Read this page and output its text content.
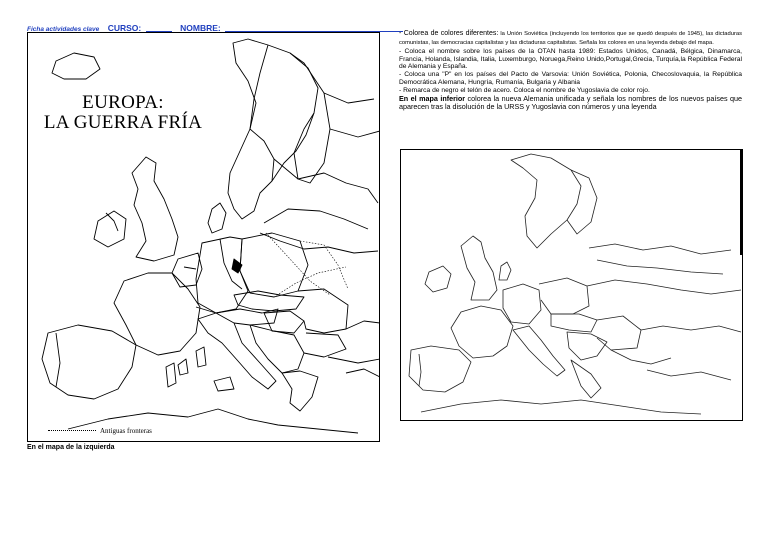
Ficha actividades clave CURSO:	NOMBRE:
EUROPA:
LA GUERRA FRÍA
Antiguas fronteras
En el mapa de la izquierda

- Colorea de colores diferentes: la Unión Soviética (incluyendo los territorios que se quedó después de 1945), las dictaduras comunistas, las democracias capitalistas y las dictaduras capitalistas. Señala los colores en una leyenda debajo del mapa.

- Coloca el nombre sobre los países de la OTAN hasta 1989: Estados Unidos, Canadá, Bélgica, Dinamarca, Francia, Holanda, Islandia, Italia, Luxemburgo, Noruega,Reino Unido,Portugal,Grecia, Turquía,la República Federal de Alemania y España.

- Coloca una "P" en los países del Pacto de Varsovia: Unión Soviética, Polonia, Checoslovaquia, la República Democrática Alemana, Hungría, Rumanía, Bulgaria y Albania

- Remarca de negro el telón de acero. Coloca el nombre de Yugoslavia de color rojo.

En el mapa inferior colorea la nueva Alemania unificada y señala los nombres de los nuevos países que aparecen tras la disolución de la URSS y Yugoslavia con números y una leyenda
